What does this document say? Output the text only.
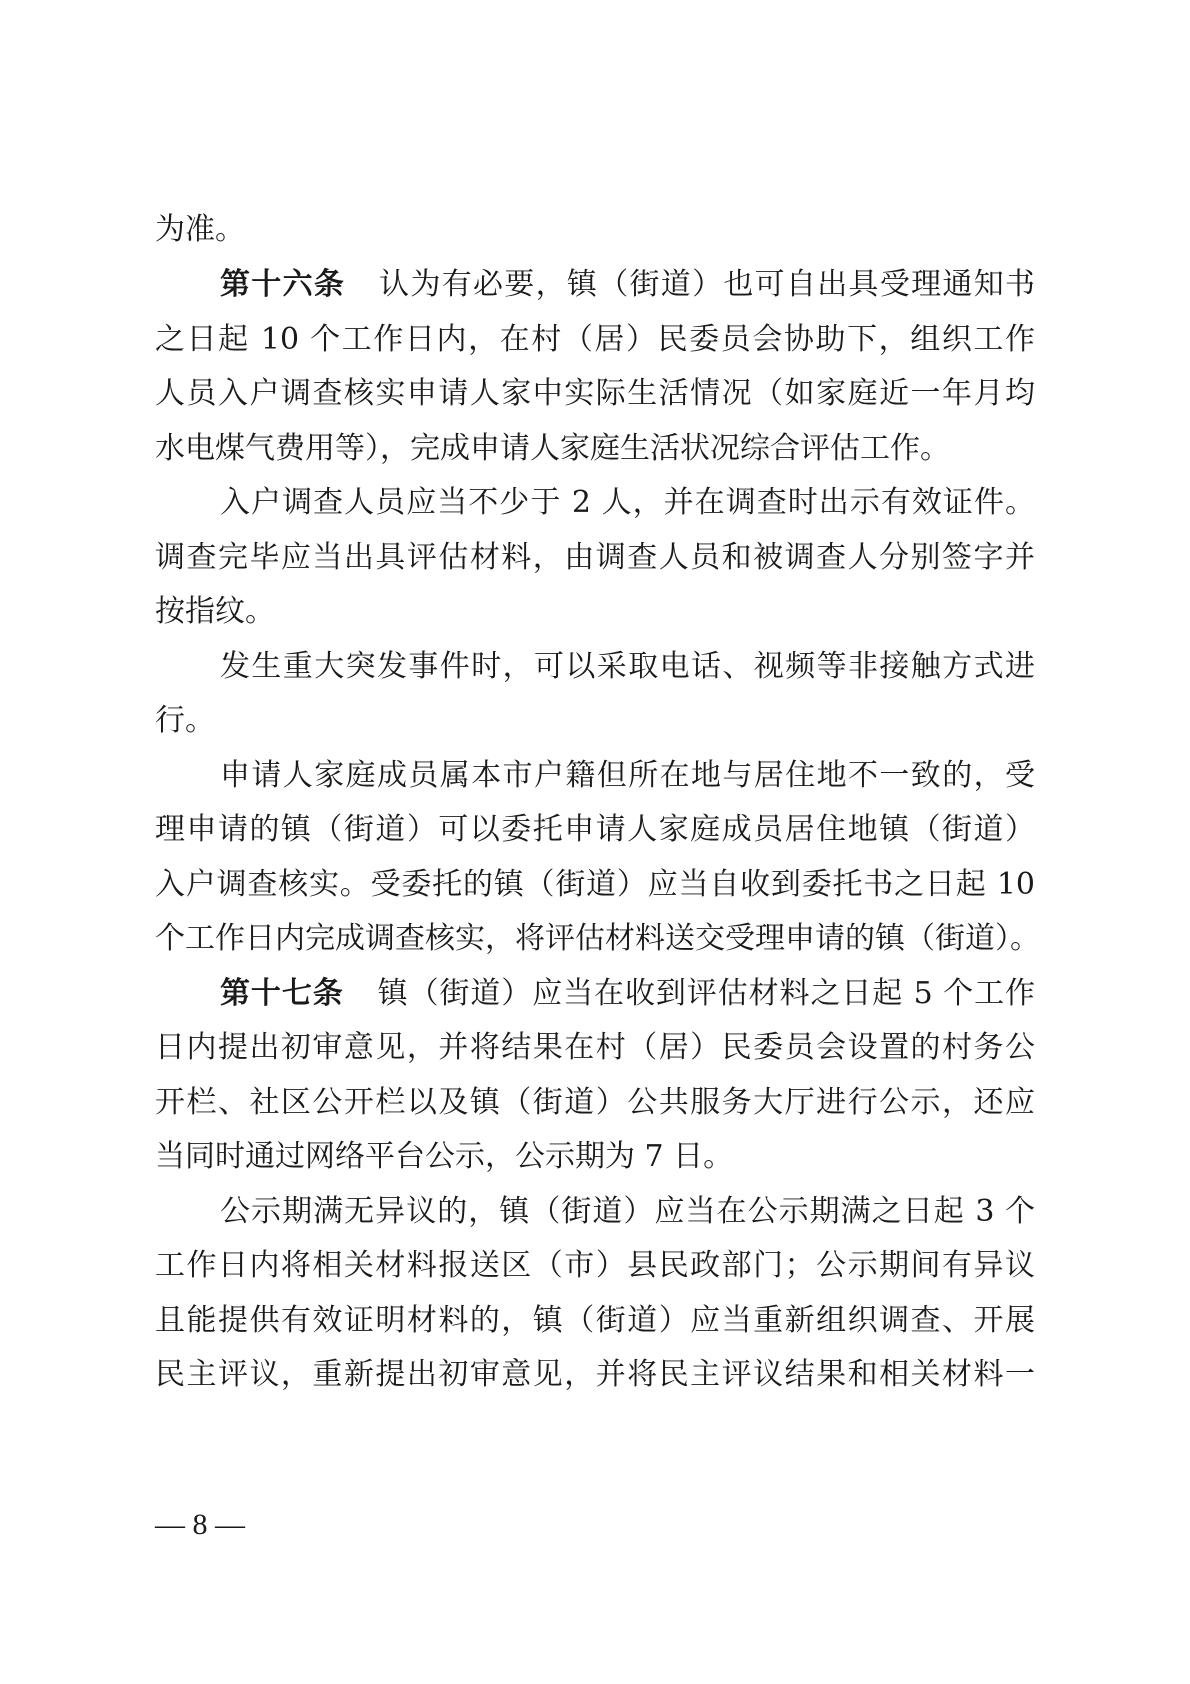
为准。
第十六条 认为有必要，镇（街道）也可自出具受理通知书
之日起 10 个工作日内，在村（居）民委员会协助下，组织工作
人员入户调查核实申请人家中实际生活情况（如家庭近一年月均
水电煤气费用等），完成申请人家庭生活状况综合评估工作。
入户调查人员应当不少于 2 人，并在调查时出示有效证件。
调查完毕应当出具评估材料，由调查人员和被调查人分别签字并
按指纹。
发生重大突发事件时，可以采取电话、视频等非接触方式进
行。
申请人家庭成员属本市户籍但所在地与居住地不一致的，受
理申请的镇（街道）可以委托申请人家庭成员居住地镇（街道）
入户调查核实。受委托的镇（街道）应当自收到委托书之日起 10
个工作日内完成调查核实，将评估材料送交受理申请的镇（街道）。
第十七条 镇（街道）应当在收到评估材料之日起 5 个工作
日内提出初审意见，并将结果在村（居）民委员会设置的村务公
开栏、社区公开栏以及镇（街道）公共服务大厅进行公示，还应
当同时通过网络平台公示，公示期为 7 日。
公示期满无异议的，镇（街道）应当在公示期满之日起 3 个
工作日内将相关材料报送区（市）县民政部门；公示期间有异议
且能提供有效证明材料的，镇（街道）应当重新组织调查、开展
民主评议，重新提出初审意见，并将民主评议结果和相关材料一
— 8 —
